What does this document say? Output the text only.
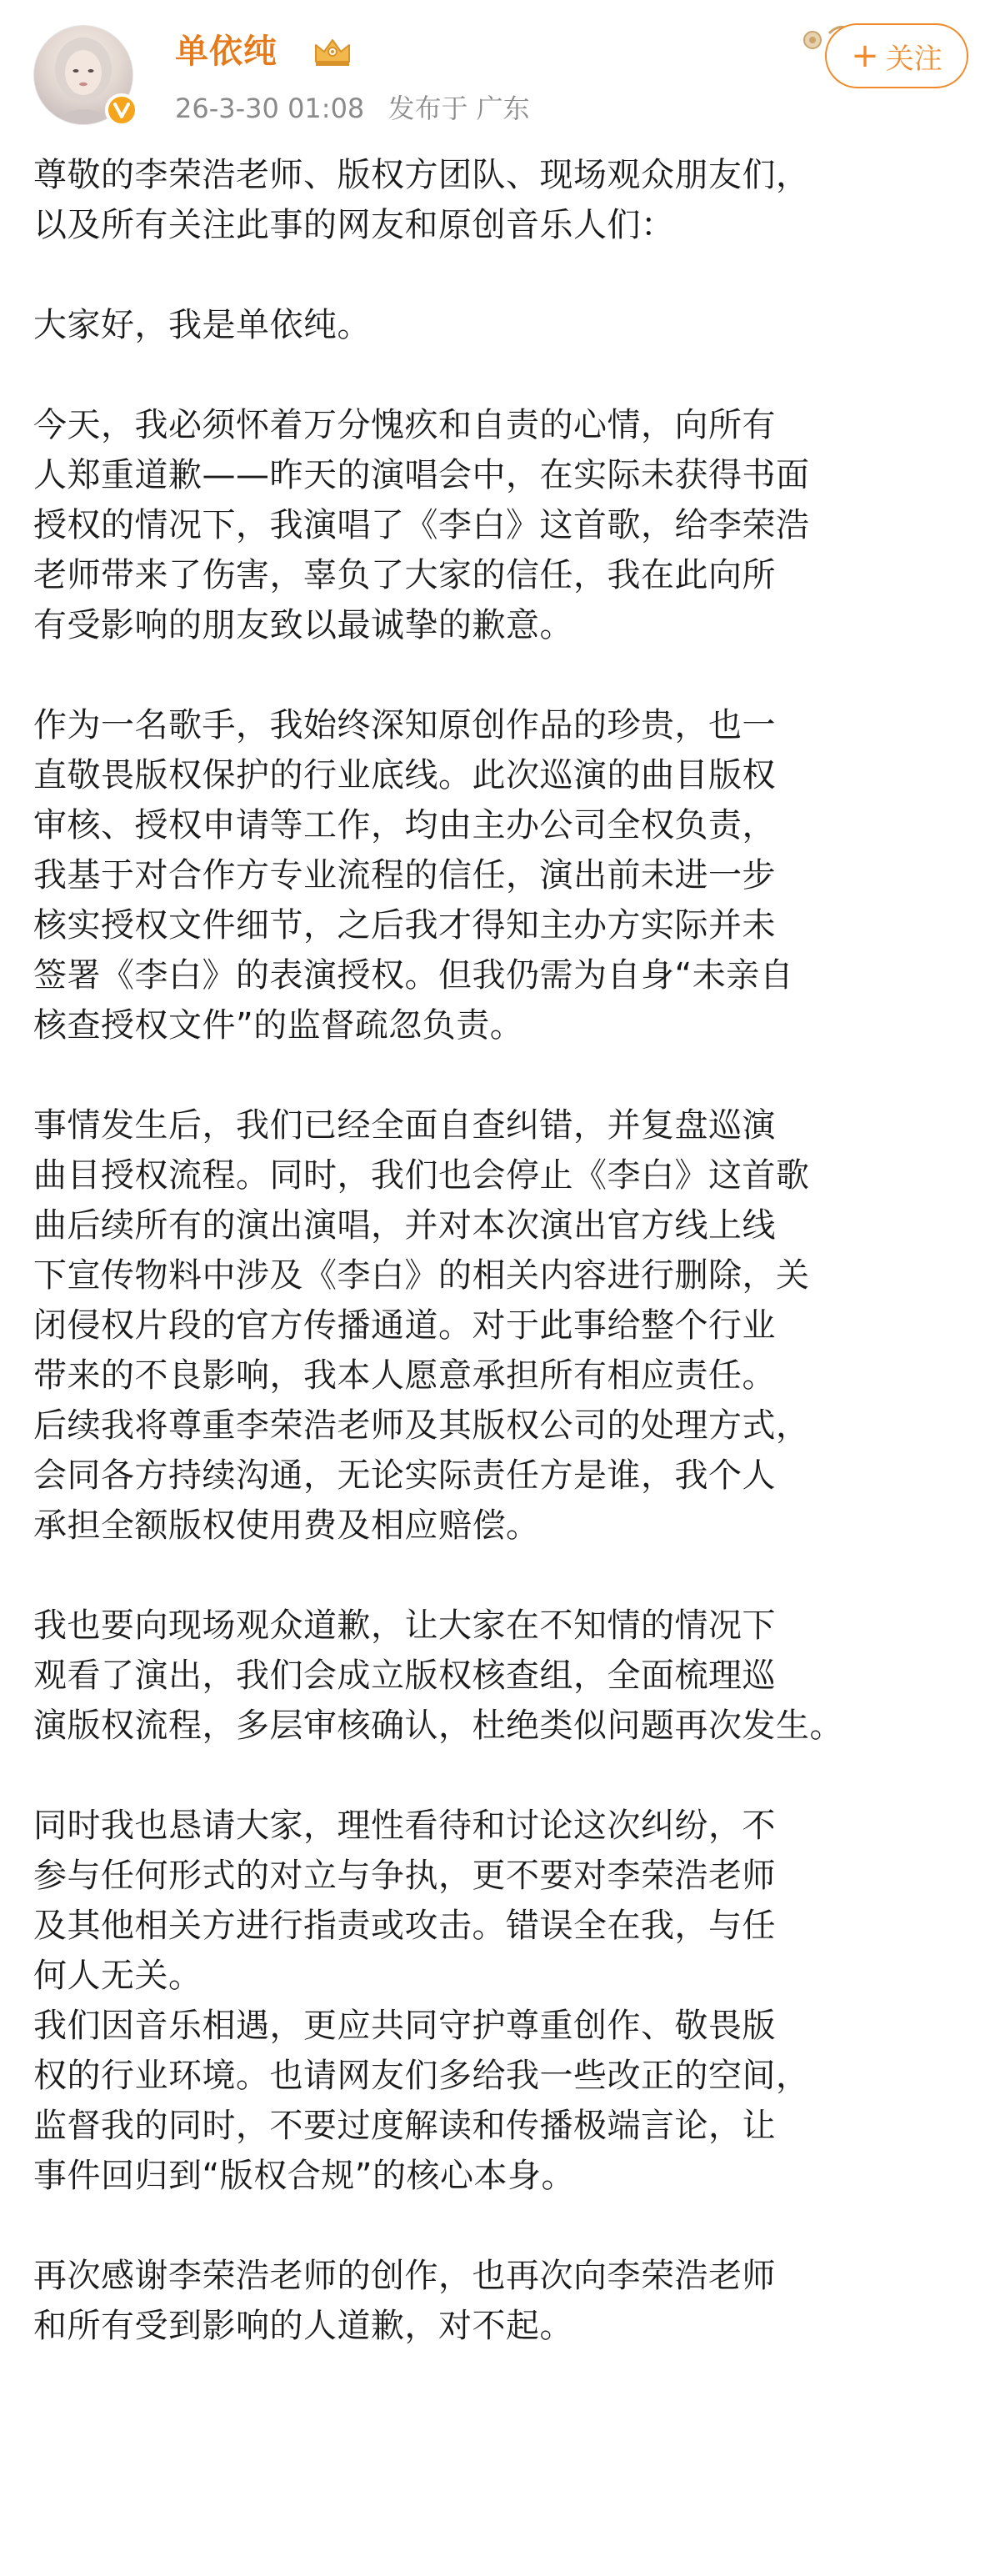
单依纯
26-3-30 01:08 发布于 广东
+ 关注

尊敬的李荣浩老师、版权方团队、现场观众朋友们，
以及所有关注此事的网友和原创音乐人们：

大家好，我是单依纯。

今天，我必须怀着万分愧疚和自责的心情，向所有
人郑重道歉——昨天的演唱会中，在实际未获得书面
授权的情况下，我演唱了《李白》这首歌，给李荣浩
老师带来了伤害，辜负了大家的信任，我在此向所
有受影响的朋友致以最诚挚的歉意。

作为一名歌手，我始终深知原创作品的珍贵，也一
直敬畏版权保护的行业底线。此次巡演的曲目版权
审核、授权申请等工作，均由主办公司全权负责，
我基于对合作方专业流程的信任，演出前未进一步
核实授权文件细节，之后我才得知主办方实际并未
签署《李白》的表演授权。但我仍需为自身“未亲自
核查授权文件”的监督疏忽负责。

事情发生后，我们已经全面自查纠错，并复盘巡演
曲目授权流程。同时，我们也会停止《李白》这首歌
曲后续所有的演出演唱，并对本次演出官方线上线
下宣传物料中涉及《李白》的相关内容进行删除，关
闭侵权片段的官方传播通道。对于此事给整个行业
带来的不良影响，我本人愿意承担所有相应责任。
后续我将尊重李荣浩老师及其版权公司的处理方式，
会同各方持续沟通，无论实际责任方是谁，我个人
承担全额版权使用费及相应赔偿。

我也要向现场观众道歉，让大家在不知情的情况下
观看了演出，我们会成立版权核查组，全面梳理巡
演版权流程，多层审核确认，杜绝类似问题再次发生。

同时我也恳请大家，理性看待和讨论这次纠纷，不
参与任何形式的对立与争执，更不要对李荣浩老师
及其他相关方进行指责或攻击。错误全在我，与任
何人无关。

我们因音乐相遇，更应共同守护尊重创作、敬畏版
权的行业环境。也请网友们多给我一些改正的空间，
监督我的同时，不要过度解读和传播极端言论，让
事件回归到“版权合规”的核心本身。

再次感谢李荣浩老师的创作，也再次向李荣浩老师
和所有受到影响的人道歉，对不起。
